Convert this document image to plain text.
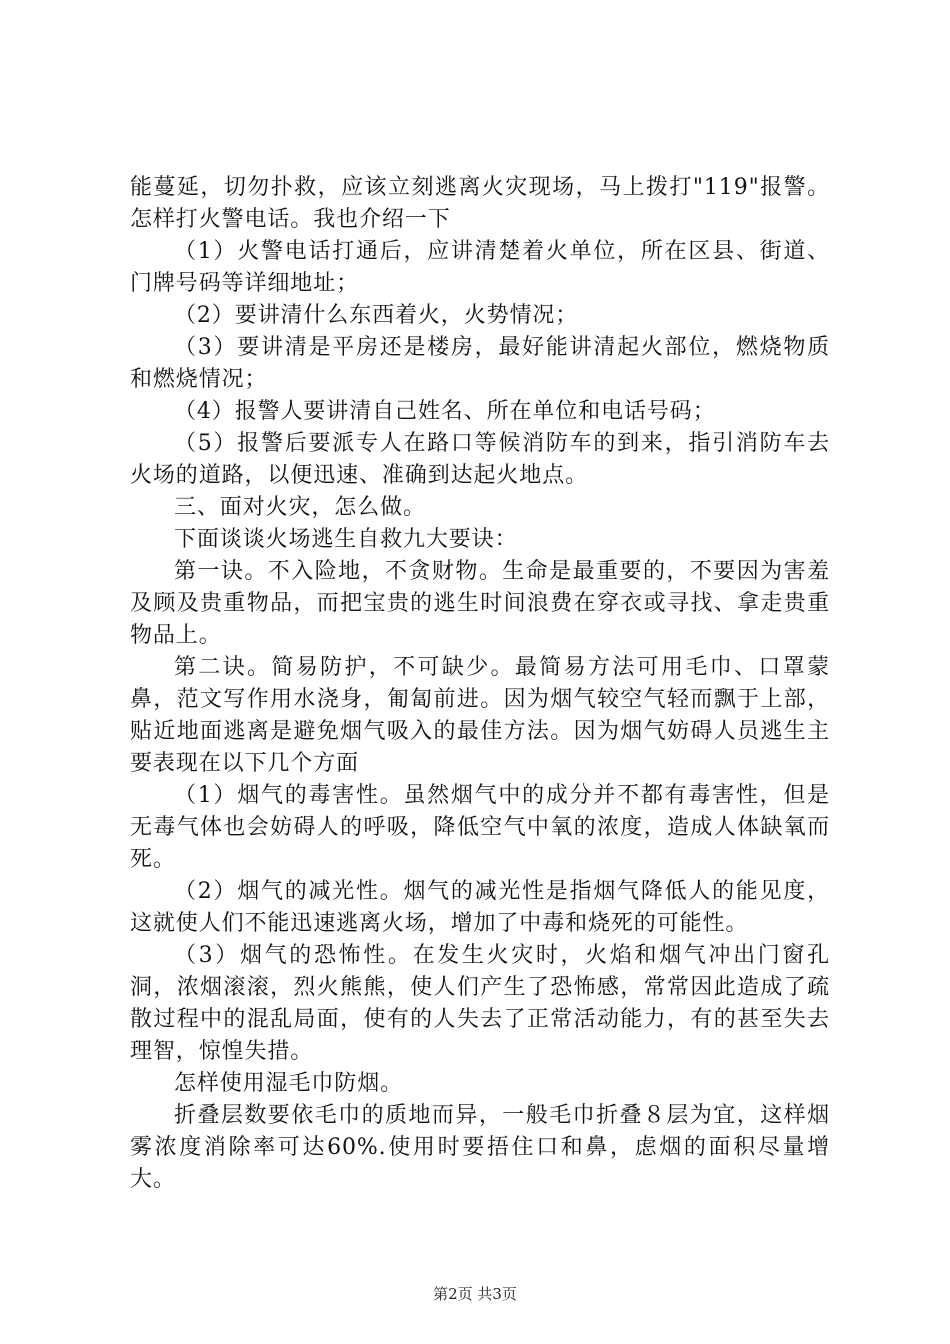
能蔓延，切勿扑救，应该立刻逃离火灾现场，马上拨打"119"报警。怎样打火警电话。我也介绍一下

（1）火警电话打通后，应讲清楚着火单位，所在区县、街道、门牌号码等详细地址；

（2）要讲清什么东西着火，火势情况；

（3）要讲清是平房还是楼房，最好能讲清起火部位，燃烧物质和燃烧情况；

（4）报警人要讲清自己姓名、所在单位和电话号码；

（5）报警后要派专人在路口等候消防车的到来，指引消防车去火场的道路，以便迅速、准确到达起火地点。

三、面对火灾，怎么做。

下面谈谈火场逃生自救九大要诀：

第一诀。不入险地，不贪财物。生命是最重要的，不要因为害羞及顾及贵重物品，而把宝贵的逃生时间浪费在穿衣或寻找、拿走贵重物品上。

第二诀。简易防护，不可缺少。最简易方法可用毛巾、口罩蒙鼻，范文写作用水浇身，匍匐前进。因为烟气较空气轻而飘于上部，贴近地面逃离是避免烟气吸入的最佳方法。因为烟气妨碍人员逃生主要表现在以下几个方面

（1）烟气的毒害性。虽然烟气中的成分并不都有毒害性，但是无毒气体也会妨碍人的呼吸，降低空气中氧的浓度，造成人体缺氧而死。

（2）烟气的减光性。烟气的减光性是指烟气降低人的能见度，这就使人们不能迅速逃离火场，增加了中毒和烧死的可能性。

（3）烟气的恐怖性。在发生火灾时，火焰和烟气冲出门窗孔洞，浓烟滚滚，烈火熊熊，使人们产生了恐怖感，常常因此造成了疏散过程中的混乱局面，使有的人失去了正常活动能力，有的甚至失去理智，惊惶失措。

怎样使用湿毛巾防烟。

折叠层数要依毛巾的质地而异，一般毛巾折叠８层为宜，这样烟雾浓度消除率可达60%.使用时要捂住口和鼻，虑烟的面积尽量增大。

第2页 共3页
